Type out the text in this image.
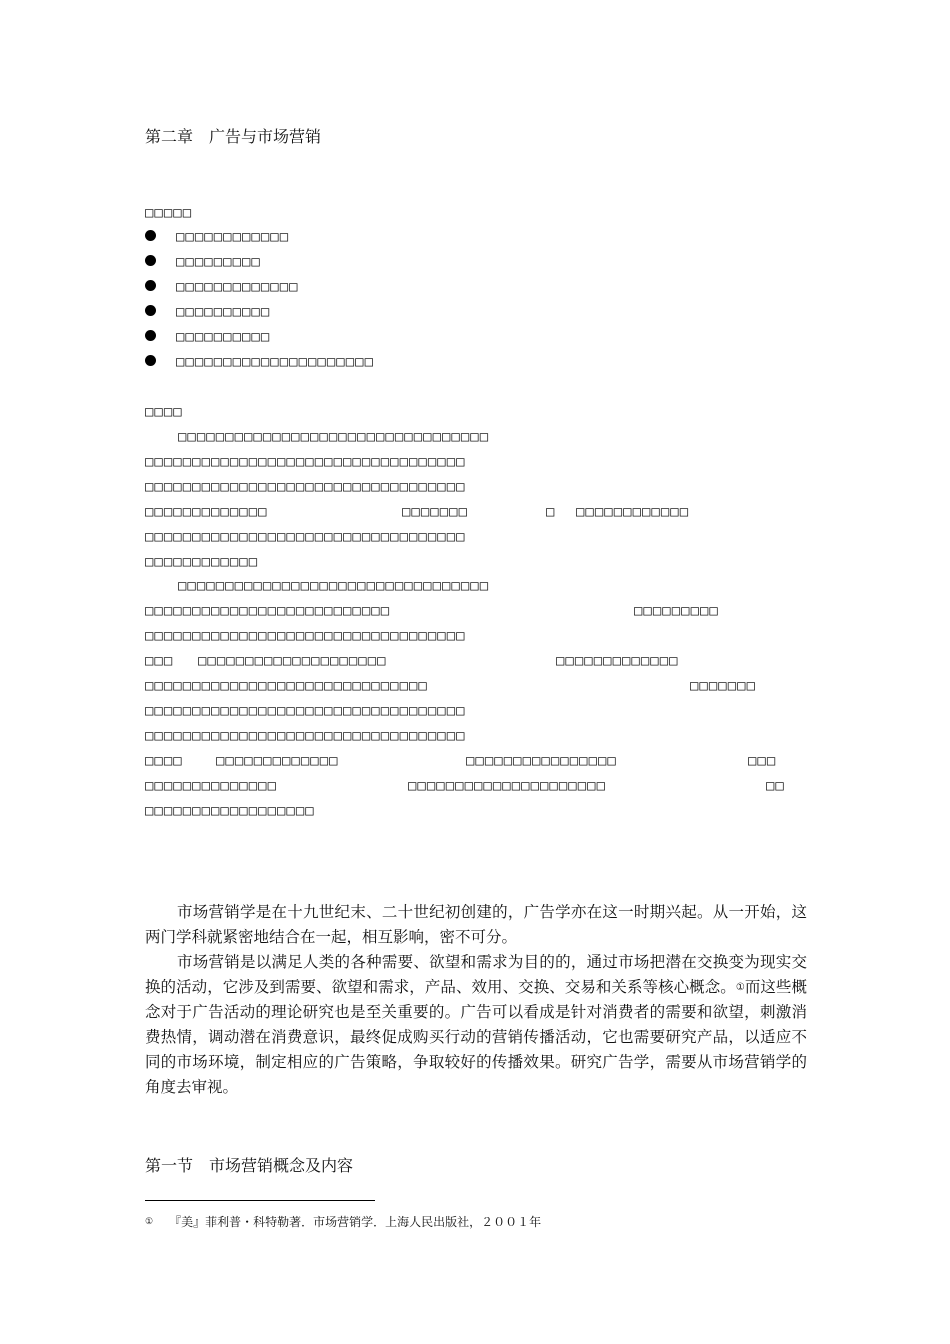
第二章　广告与市场营销
□□□□□
□□□□□□□□□□□□
□□□□□□□□□
□□□□□□□□□□□□□
□□□□□□□□□□
□□□□□□□□□□
□□□□□□□□□□□□□□□□□□□□□
□□□□
□□□□□□□□□□□□□□□□□□□□□□□□□□□□□□□□□
□□□□□□□□□□□□□□□□□□□□□□□□□□□□□□□□□□
□□□□□□□□□□□□□□□□□□□□□□□□□□□□□□□□□□
□□□□□□□□□□□□□	□□□□□□□	□ □□□□□□□□□□□□
□□□□□□□□□□□□□□□□□□□□□□□□□□□□□□□□□□
□□□□□□□□□□□□
□□□□□□□□□□□□□□□□□□□□□□□□□□□□□□□□□
□□□□□□□□□□□□□□□□□□□□□□□□□□	□□□□□□□□□
□□□□□□□□□□□□□□□□□□□□□□□□□□□□□□□□□□
□□□ □□□□□□□□□□□□□□□□□□□□	□□□□□□□□□□□□□
□□□□□□□□□□□□□□□□□□□□□□□□□□□□□□	□□□□□□□
□□□□□□□□□□□□□□□□□□□□□□□□□□□□□□□□□□
□□□□□□□□□□□□□□□□□□□□□□□□□□□□□□□□□□
□□□□ □□□□□□□□□□□□□	□□□□□□□□□□□□□□□□	□□□
□□□□□□□□□□□□□□	□□□□□□□□□□□□□□□□□□□□□	□□
□□□□□□□□□□□□□□□□□□

市场营销学是在十九世纪末、二十世纪初创建的，广告学亦在这一时期兴起。从一开始，这两门学科就紧密地结合在一起，相互影响，密不可分。

市场营销是以满足人类的各种需要、欲望和需求为目的的，通过市场把潜在交换变为现实交换的活动，它涉及到需要、欲望和需求，产品、效用、交换、交易和关系等核心概念。①而这些概念对于广告活动的理论研究也是至关重要的。广告可以看成是针对消费者的需要和欲望，刺激消费热情，调动潜在消费意识，最终促成购买行动的营销传播活动，它也需要研究产品，以适应不同的市场环境，制定相应的广告策略，争取较好的传播效果。研究广告学，需要从市场营销学的角度去审视。

第一节　市场营销概念及内容
① 『美』菲利普・科特勒著．市场营销学．上海人民出版社，２００１年
